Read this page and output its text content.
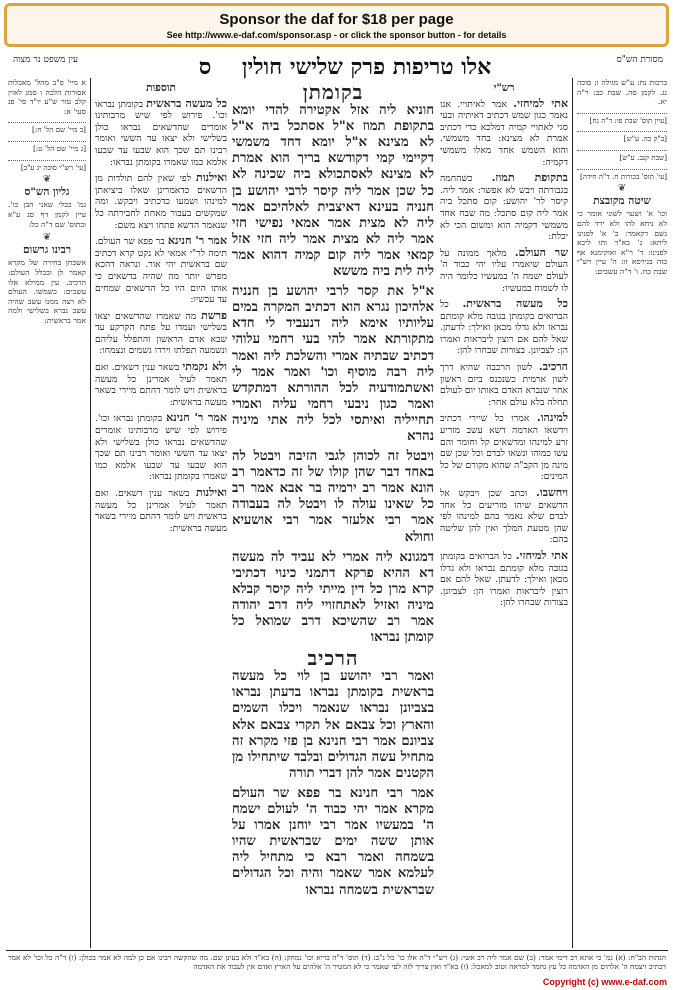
Sponsor the daf for $18 per page
See http://www.e-daf.com/sponsor.asp - or click the sponsor button - for details
אלו טריפות פרק שלישי חולין    ס	מסורת הש"ס
עין משפט נר מצוה

ברכות נח: ע"ש מגילה ו: סוכה נג. לקמן סה. שבת כב: ר"ה יא.

[עיין תוס' שבת פו: ד"ה נח]
[ב"ק כה. ע"ש]
[שבת קנב. ע"ש]
[עי' תוס' בכורות ח. ד"ה חידה]
❦
שיטה מקובצת

וכו' א' ושער לשוני אומר כי לא ניחא להו ולא ירד להם גשם דקאמר: ב' א' לפנינו ליתא: ג' בא"ד ותו ליכא לפנינו: ד' ר"א ואוקימנא אף בזה בגירסא זו: ה' עיין רש"י שבת כח. ו' ד"ה עשבים:

א מיי' פ"ב מהל' מאכלות אסורות הלכה ו סמג לאוין קלב טור ש"ע יו"ד סי' פג סעי' א:

[ב מיי' שם הל' ח:]
[ג מיי' שם הל' ט:]
[עי' רש"י סוכה יג ע"ב]
❦
גליון הש"ס

גמ' בבלי שאני הבן כו'. עיין לקמן דף סג ע"א ובתוס' שם ד"ה כל:

❦
רבינו גרשום

אשכחן בחירה של מקרא קאמר לן ובכלל העולם: הרכיב. עין ממילא אלו עשבים: כשמשו. העולם לא רצה ממנו עשב שהיה עשב נברא בשלישי ולמה אמר בראשית:

רש"י

אתי למיחזי. אמר לאיתויי. אנו נאמר כגון שמש דכתיב דאיתיה ובעי סגי לאתויי קמיה דמלכא כדי דכתיב אמרת לא מצינא: בחד משמשי. והוא השמש אחד מאלו משמשי דקמיה:

בתקופת תמוז. כשהחמה בגבורתה ויבש לא אפשר: אמר ליה. קיסר לר' יהושע: קום סתכל ביה אמר ליה קום סתכל: מה שבח אחד משמשי דקמיה הוא ומשום הכי לא יכלת:

שר העולם. מלאך ממונה על העולם שיאמרו עליו יהי כבוד ה' לעולם ישמח ה' במעשיו כלומר היה לו לשמוח במעשיו:

כל מעשה בראשית. כל הברואים בקומתן בגובה מלא קומתם נבראו ולא גדלו מכאן ואילך: לדעתן. שאל להם אם רוצין ליבראות ואמרו הן: לצביונן. בצורות שבחרו להן:

הרכיב. לשון הרכבה שהיא דרך לשון ארמית כשנכנס ביום ראשון אחר שנברא האדם באותו יום לעולם תחלה בלא עולם אחר:

למינהו. אמרו כל שיירי דכתיב וידשאו האדמה דשא עשב מזריע זרע למינהו ומדשאים קל וחומר והם עשו כמוהו ונשאו לבדם וכל שכן שם מינה מן הקב"ה שהוא מקורם של כל המינים:

ויחשבו. וכתב שכן ויבקש אל הדשאים שיהו מזריעים כל אחד לבדם שלא נאמר בהם למינהו לפי שהן מטעת המלך ואין להן שליטה בהם:

אתי למיחזי. כל הברואים בקומתן בגובה מלא קומתם נבראו ולא גדלו מכאן ואילך: לדעתן. שאל להם אם רוצין ליבראות ואמרו הן: לצביונן. בצורות שבחרו להן:

בקומתן

חוניא ליה אזל אקטירה להדי יומא בתקופת תמוז א"ל אסתכל ביה א"ל לא מצינא א"ל יומא דחד משמשי דקיימי קמי דקודשא בריך הוא אמרת לא מצינא לאסתכולא ביה שכינה לא כל שכן אמר ליה קיסר לרבי יהושע בן חנניה בעינא דאיצבית לאלהיכם אמר ליה לא מצית אמר אמאי נפישי חזי אמר ליה לא מצית אמר ליה חזי אזל קמאי אמר ליה קום קמיה דהוא אמר ליה לית ביה מששא

א"ל את קסר לרבי יהושע בן חנניה אלהיכון נגרא הוא דכתיב המקרה במים עליותיו אימא ליה דנעביד לי חדא מתקורתא אמר להי בעי רחמי עלוהי דכתיב שבתיה אמרי והשלכת ליה ואמר ליה רבה מוסיף וכו' ואמר אמר לי ואשתמודעיה לכל ההורתא דמתקדש ואמר כגון ניבעי רחמי עליה ואמרי תחייליה ואיתסי לכל ליה אתי מיניה נהרא

ויבטל זה לכוהן לגבי הזיבה ויבטל לה באחד דבר שהן קולו של זה כדאמר רב הונא אמר רב ירמיה בר אבא אמר רב כל שאינו עולה לו ויבטל לה בעבודה אמר רבי אלעזר אמר רבי אושעיא וחולא

דמגונא ליה אמרי לא עביד לה מעשה דא ההיא פרקא דתמני כינוי דכתיבי קרא מרן כל דין מייתי ליה קיסר קבלא מיניה ואזיל לאתחזויי ליה דרב יהודה אמר רב שהשיכא דרב שמואל כל קומתן נבראו

הרכיב

ואמר רבי יהושע בן לוי כל מעשה בראשית בקומתן נבראו בדעתן נבראו בצביונן נבראו שנאמר ויכלו השמים והארץ וכל צבאם אל תקרי צבאם אלא צביונם אמר רבי חנינא בן פזי מקרא זה מתחיל עשה הגדולים ובלבד שיתחילו מן הקטנים אמר להן דברי תורה

אמר רבי חנינא בר פפא שר העולם מקרא אמר יהי כבוד ה' לעולם ישמח ה' במעשיו אמר רבי יוחנן אמרו על אותן ששה ימים שבראשית שהיו בשמחה ואמר רבא כי מתחיל ליה לעלמא אמר שאמר והיה וכל הגדולים שבראשית בשמחה נבראו

תוספות

כל מעשה בראשית בקומתן נבראו וכו'. פירוש לפי שיש מרבותינו אומרים שהדשאים נבראו כולן בשלישי ולא יצאו עד הששי ואומר רבינו תם שכך הוא שבעו עד שבעו אלמא כמו שאמרו בקומתן נבראו:

ואילנות לפי שאין להם תולדות מן הדשאים כדאמרינן שאלו ביציאתן למינהו ושמעו כדכתיב ויבקש. ומה שמקשים בעבור מאחת לחבירתה כל שנאמר הדשא פתחו ויצא משם:

אמר ר' חנינא בר פפא שר העולם. תימה לר"י אמאי לא נקט קרא דכתיב שם בראשית יהי אור. ונראה דהכא מפרש יותר מה שהיה בדשאים כי אותו היום היו כל הדשאים שמחים עד עכשיו:

פרשת מה שאמרו שהדשאים יצאו בשלישי ועמדו על פתח הקרקע עד שבא אדם הראשון והתפלל עליהם ונשמעה תפלתו וירדו גשמים ונצמחו:

ולא נקמתי בשאר ענין דשאים. ואם תאמר לעיל אמרינן כל מעשה בראשית ויש לומר דהתם מיירי בשאר מעשה בראשית:

אמר ר' חנינא בקומתן נבראו וכו'. פירוש לפי שיש מרבותינו אומרים שהדשאים נבראו כולן בשלישי ולא יצאו עד הששי ואומר רבינו תם שכך הוא שבעו עד שבעו אלמא כמו שאמרו בקומתן נבראו:

ואילנות בשאר ענין דשאים. ואם תאמר לעיל אמרינן כל מעשה בראשית ויש לומר דהתם מיירי בשאר מעשה בראשית:

הגהות הב"ח: (א) גמ' כי אתא רב דימי אמר: (ב) שם אמר ליה רב אשי: (ג) רש"י ד"ה אלו כו' כל נ"ב: (ד) תוס' ד"ה בריא וכו' נמחק: (ה) בא"ד ולא בעינן שם. מה שהקשה רבינו אם כן למה לא אמר בכולן: (ו) ד"ה כל וכו' לא אמר דכתיב ויצמח ה' אלהים מן האדמה כל עץ נחמד למראה וטוב למאכל: (ז) בא"ד ואין צריך לזה לפי שאמר כי לא המטיר ה' אלהים על הארץ ואדם אין לעבוד את האדמה
Copyright (c) www.e-daf.com
